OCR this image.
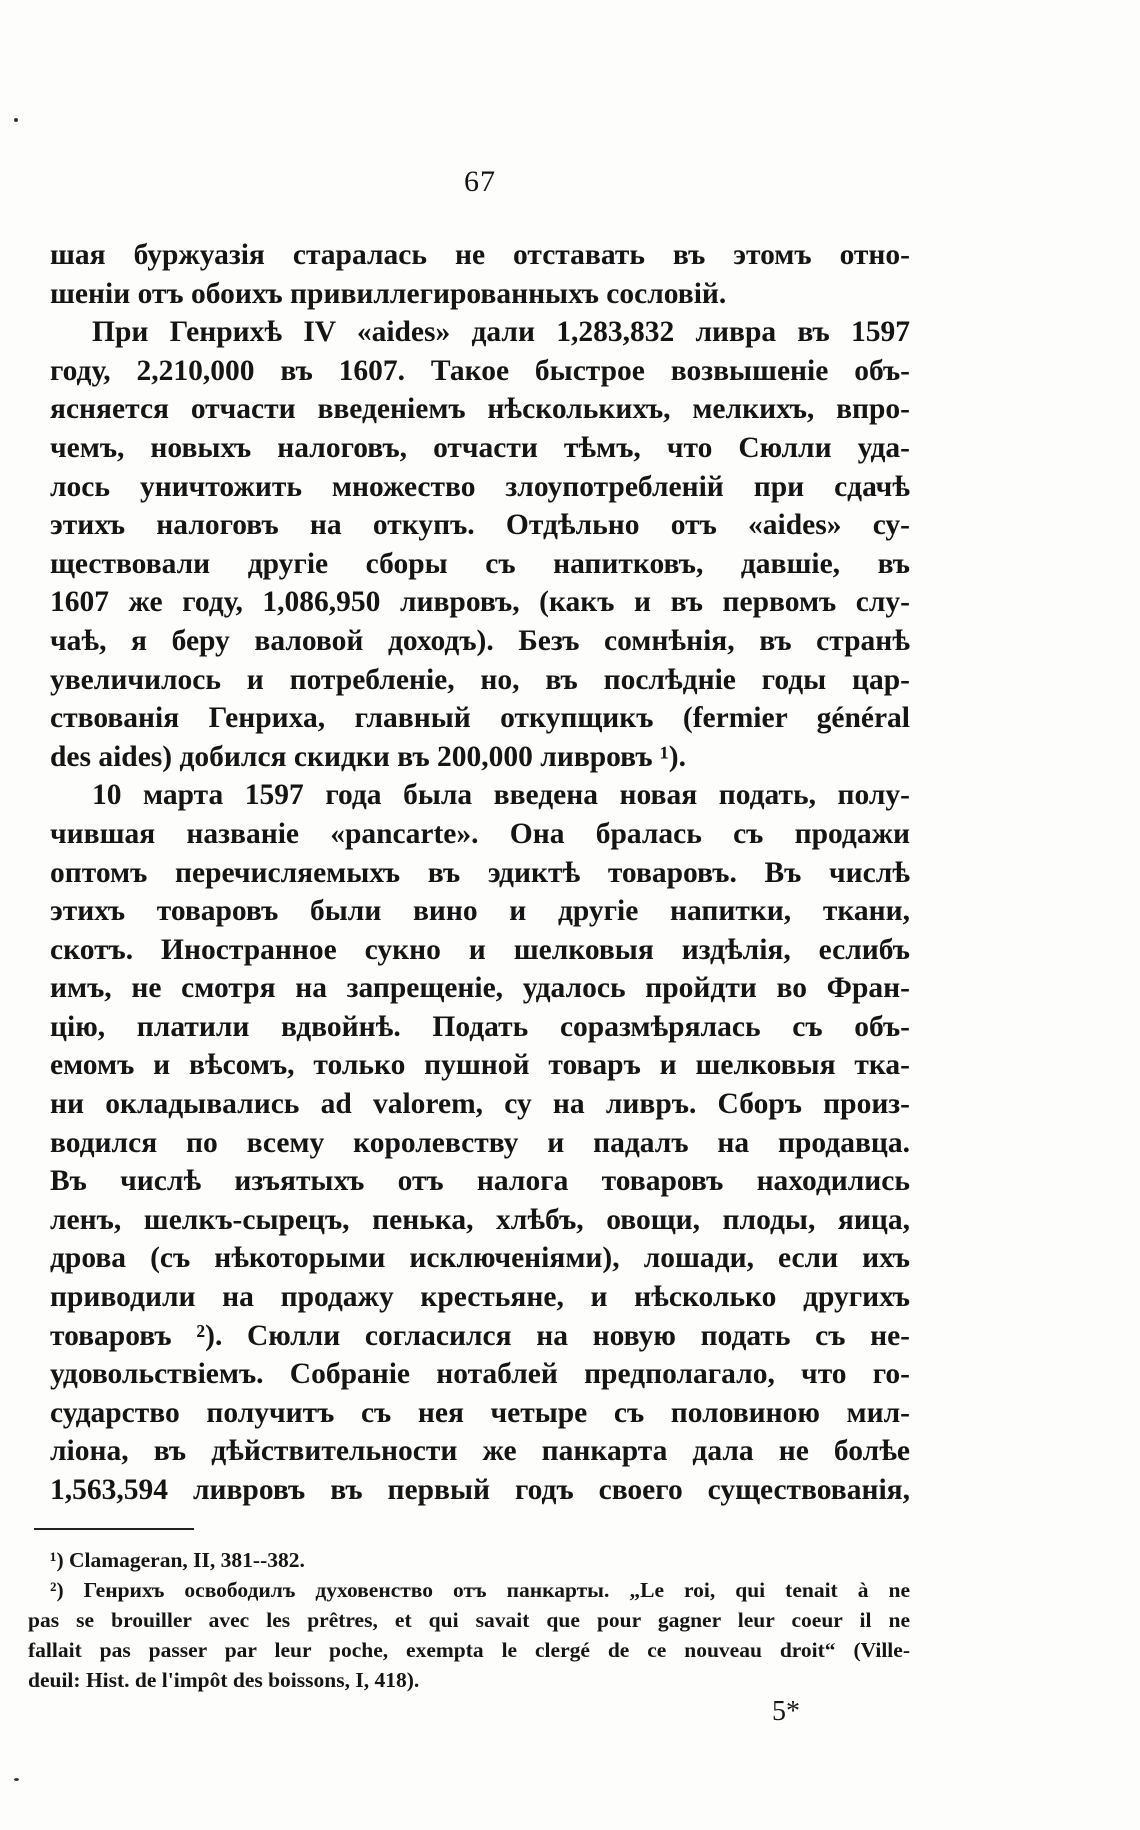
67

шая буржуазія старалась не отставать въ этомъ отно-
шеніи отъ обоихъ привиллегированныхъ сословій.

При Генрихѣ IV «aides» дали 1,283,832 ливра въ 1597
году, 2,210,000 въ 1607. Такое быстрое возвышеніе объ-
ясняется отчасти введеніемъ нѣсколькихъ, мелкихъ, впро-
чемъ, новыхъ налоговъ, отчасти тѣмъ, что Сюлли уда-
лось уничтожить множество злоупотребленій при сдачѣ
этихъ налоговъ на откупъ. Отдѣльно отъ «aides» су-
ществовали другіе сборы съ напитковъ, давшіе, въ
1607 же году, 1,086,950 ливровъ, (какъ и въ первомъ слу-
чаѣ, я беру валовой доходъ). Безъ сомнѣнія, въ странѣ
увеличилось и потребленіе, но, въ послѣдніе годы цар-
ствованія Генриха, главный откупщикъ (fermier général
des aides) добился скидки въ 200,000 ливровъ ¹).

10 марта 1597 года была введена новая подать, полу-
чившая названіе «pancarte». Она бралась съ продажи
оптомъ перечисляемыхъ въ эдиктѣ товаровъ. Въ числѣ
этихъ товаровъ были вино и другіе напитки, ткани,
скотъ. Иностранное сукно и шелковыя издѣлія, еслибъ
имъ, не смотря на запрещеніе, удалось пройдти во Фран-
цію, платили вдвойнѣ. Подать соразмѣрялась съ объ-
емомъ и вѣсомъ, только пушной товаръ и шелковыя тка-
ни окладывались ad valorem, су на ливръ. Сборъ произ-
водился по всему королевству и падалъ на продавца.
Въ числѣ изъятыхъ отъ налога товаровъ находились
ленъ, шелкъ-сырецъ, пенька, хлѣбъ, овощи, плоды, яица,
дрова (съ нѣкоторыми исключеніями), лошади, если ихъ
приводили на продажу крестьяне, и нѣсколько другихъ
товаровъ ²). Сюлли согласился на новую подать съ не-
удовольствіемъ. Собраніе нотаблей предполагало, что го-
сударство получитъ съ нея четыре съ половиною мил-
ліона, въ дѣйствительности же панкарта дала не болѣе
1,563,594 ливровъ въ первый годъ своего существованія,

¹) Clamageran, II, 381--382.
²) Генрихъ освободилъ духовенство отъ панкарты. „Le roi, qui tenait à ne
pas se brouiller avec les prêtres, et qui savait que pour gagner leur coeur il ne
fallait pas passer par leur poche, exempta le clergé de ce nouveau droit“ (Ville-
deuil: Hist. de l'impôt des boissons, I, 418).
5*
